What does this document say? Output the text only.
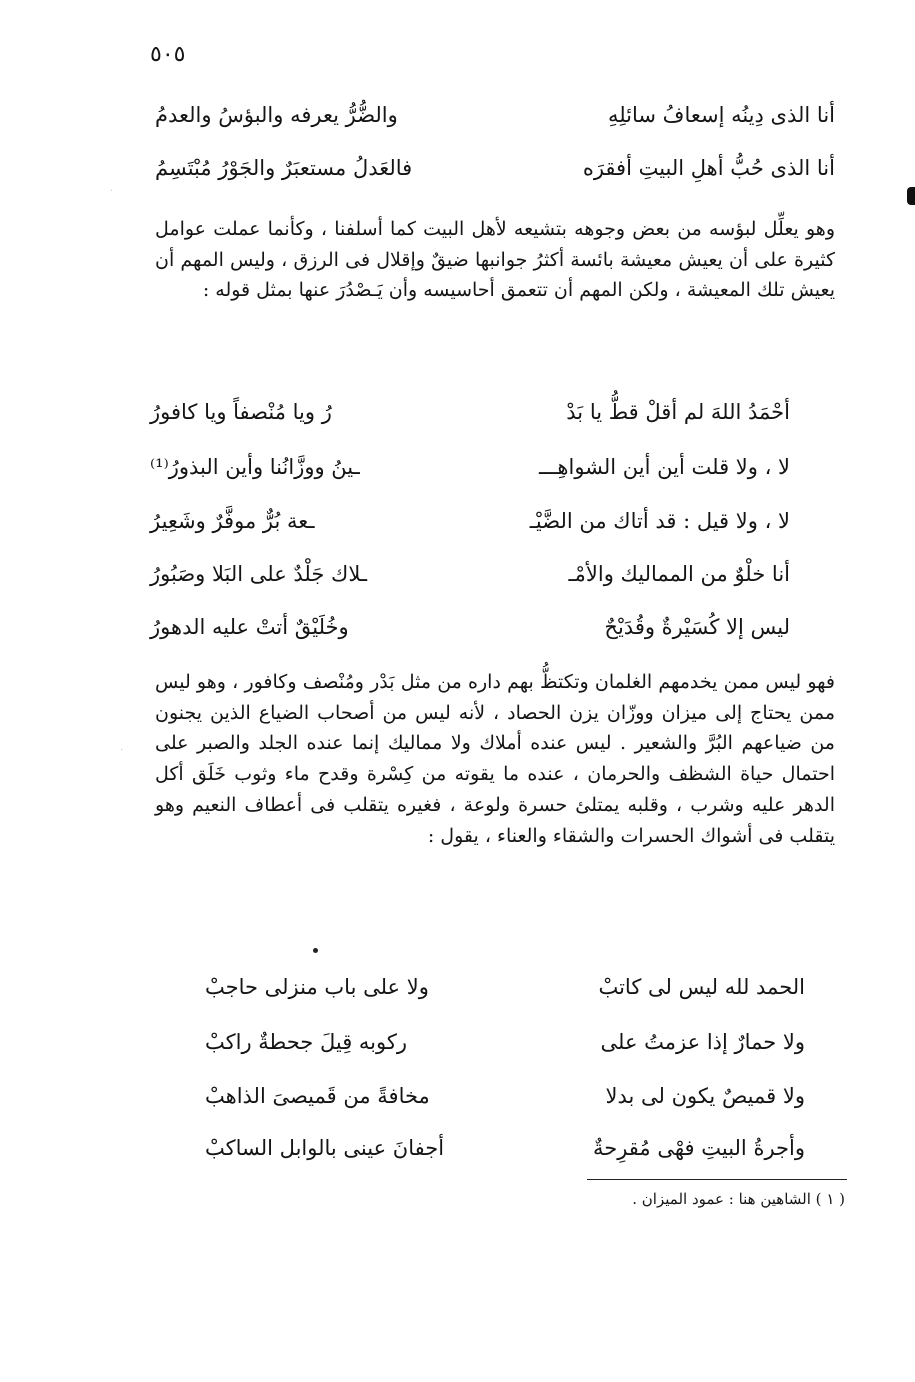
٥٠٥
أنا الذى دِينُه إسعافُ سائلِهِ
والضُّرُّ يعرفه والبؤسُ والعدمُ
أنا الذى حُبُّ أهلِ البيتِ أفقرَه
فالعَدلُ مستعبَرٌ والجَوْرُ مُبْتَسِمُ

وهو يعلِّل لبؤسه من بعض وجوهه بتشيعه لأهل البيت كما أسلفنا ، وكأنما عملت عوامل كثيرة على أن يعيش معيشة بائسة أكثرُ جوانبها ضيقٌ وإقلال فى الرزق ، وليس المهم أن يعيش تلك المعيشة ، ولكن المهم أن تتعمق أحاسيسه وأن يَـصْدُرَ عنها بمثل قوله :

أحْمَدُ اللهَ لم أقلْ قطُّ يا بَدْ
رُ ويا مُنْصفاً ويا كافورُ
لا ، ولا قلت أين أين الشواهِـــ
ـينُ ووزَّانُنا وأين البذورُ⁽¹⁾
لا ، ولا قيل : قد أتاك من الضَّيْـ
ـعة بُرٌّ موفَّرٌ وشَعِيرُ
أنا خلْوٌ من المماليك والأمْـ
ـلاك جَلْدٌ على البَلا وصَبُورُ
ليس إلا كُسَيْرةٌ وقُدَيْحٌ
وخُلَيْقٌ أتتْ عليه الدهورُ

فهو ليس ممن يخدمهم الغلمان وتكتظُّ بهم داره من مثل بَدْر ومُنْصف وكافور ، وهو ليس ممن يحتاج إلى ميزان ووزّان يزن الحصاد ، لأنه ليس من أصحاب الضياع الذين يجنون من ضياعهم البُرَّ والشعير . ليس عنده أملاك ولا مماليك إنما عنده الجلد والصبر على احتمال حياة الشظف والحرمان ، عنده ما يقوته من كِسْرة وقدح ماء وثوب خَلَق أكل الدهر عليه وشرب ، وقلبه يمتلئ حسرة ولوعة ، فغيره يتقلب فى أعطاف النعيم وهو يتقلب فى أشواك الحسرات والشقاء والعناء ، يقول :

الحمد لله ليس لى كاتبْ
ولا على باب منزلى حاجبْ
ولا حمارٌ إذا عزمتُ على
ركوبه قِيلَ جحطةٌ راكبْ
ولا قميصٌ يكون لى بدلا
مخافةً من قَميصىَ الذاهبْ
وأجرةُ البيتِ فهْى مُقرِحةٌ
أجفانَ عينى بالوابل الساكبْ
( ١ ) الشاهين هنا : عمود الميزان .
·
·
